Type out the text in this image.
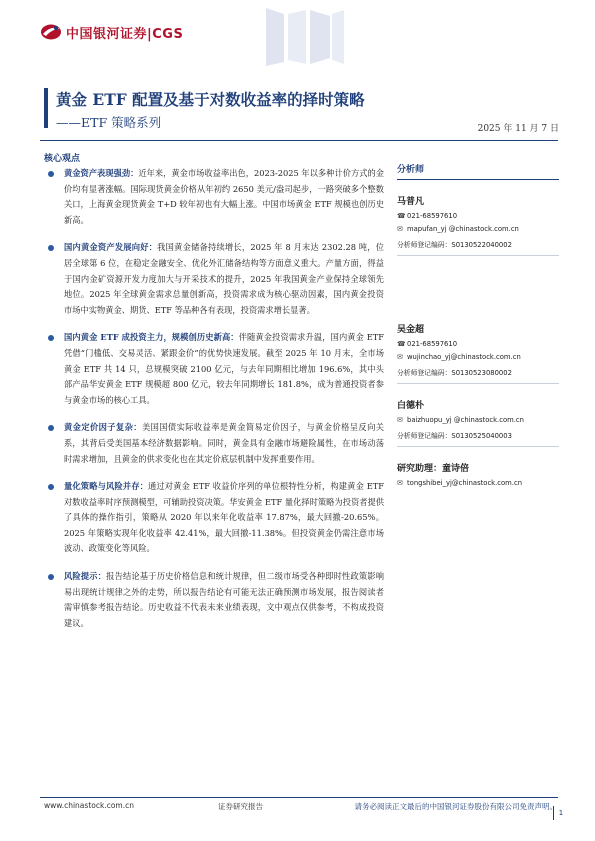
中国银河证券|CGS
黄金 ETF 配置及基于对数收益率的择时策略
——ETF 策略系列	2025 年 11 月 7 日
核心观点
黄金资产表现强劲：近年来，黄金市场收益率出色，2023-2025 年以多种计价方式的金价均有显著涨幅。国际现货黄金价格从年初约 2650 美元/盎司起步，一路突破多个整数关口，上海黄金现货黄金 T+D 较年初也有大幅上涨。中国市场黄金 ETF 规模也创历史新高。
国内黄金资产发展向好：我国黄金储备持续增长，2025 年 8 月末达 2302.28 吨，位居全球第 6 位，在稳定金融安全、优化外汇储备结构等方面意义重大。产量方面，得益于国内金矿资源开发力度加大与开采技术的提升，2025 年我国黄金产业保持全球领先地位。2025 年全球黄金需求总量创新高，投资需求成为核心驱动因素，国内黄金投资市场中实物黄金、期货、ETF 等品种各有表现，投资需求增长显著。
国内黄金 ETF 成投资主力，规模创历史新高：伴随黄金投资需求升温，国内黄金 ETF 凭借“门槛低、交易灵活、紧跟金价”的优势快速发展。截至 2025 年 10 月末，全市场黄金 ETF 共 14 只，总规模突破 2100 亿元，与去年同期相比增加 196.6%，其中头部产品华安黄金 ETF 规模超 800 亿元，较去年同期增长 181.8%，成为普通投资者参与黄金市场的核心工具。
黄金定价因子复杂：美国国债实际收益率是黄金简易定价因子，与黄金价格呈反向关系，其背后受美国基本经济数据影响。同时，黄金具有金融市场避险属性，在市场动荡时需求增加，且黄金的供求变化也在其定价底层机制中发挥重要作用。
量化策略与风险并存：通过对黄金 ETF 收益价序列的单位根特性分析，构建黄金 ETF 对数收益率时序预测模型，可辅助投资决策。华安黄金 ETF 量化择时策略为投资者提供了具体的操作指引，策略从 2020 年以来年化收益率 17.87%，最大回撤-20.65%。2025 年策略实现年化收益率 42.41%，最大回撤-11.38%。但投资黄金仍需注意市场波动、政策变化等风险。
风险提示：报告结论基于历史价格信息和统计规律，但二级市场受各种即时性政策影响易出现统计规律之外的走势，所以报告结论有可能无法正确预测市场发展，报告阅读者需审慎参考报告结论。历史收益不代表未来业绩表现，文中观点仅供参考，不构成投资建议。
分析师
马普凡
☎ 021-68597610
✉ mapufan_yj @chinastock.com.cn
分析师登记编码：S0130522040002
吴金超
☎ 021-68597610
✉ wujinchao_yj@chinastock.com.cn
分析师登记编码：S0130523080002
白德朴
✉ baizhuopu_yj @chinastock.com.cn
分析师登记编码：S0130525040003
研究助理：童诗倍
✉ tongshibei_yj@chinastock.com.cn
www.chinastock.com.cn	证券研究报告	请务必阅读正文最后的中国银河证券股份有限公司免责声明。
1
